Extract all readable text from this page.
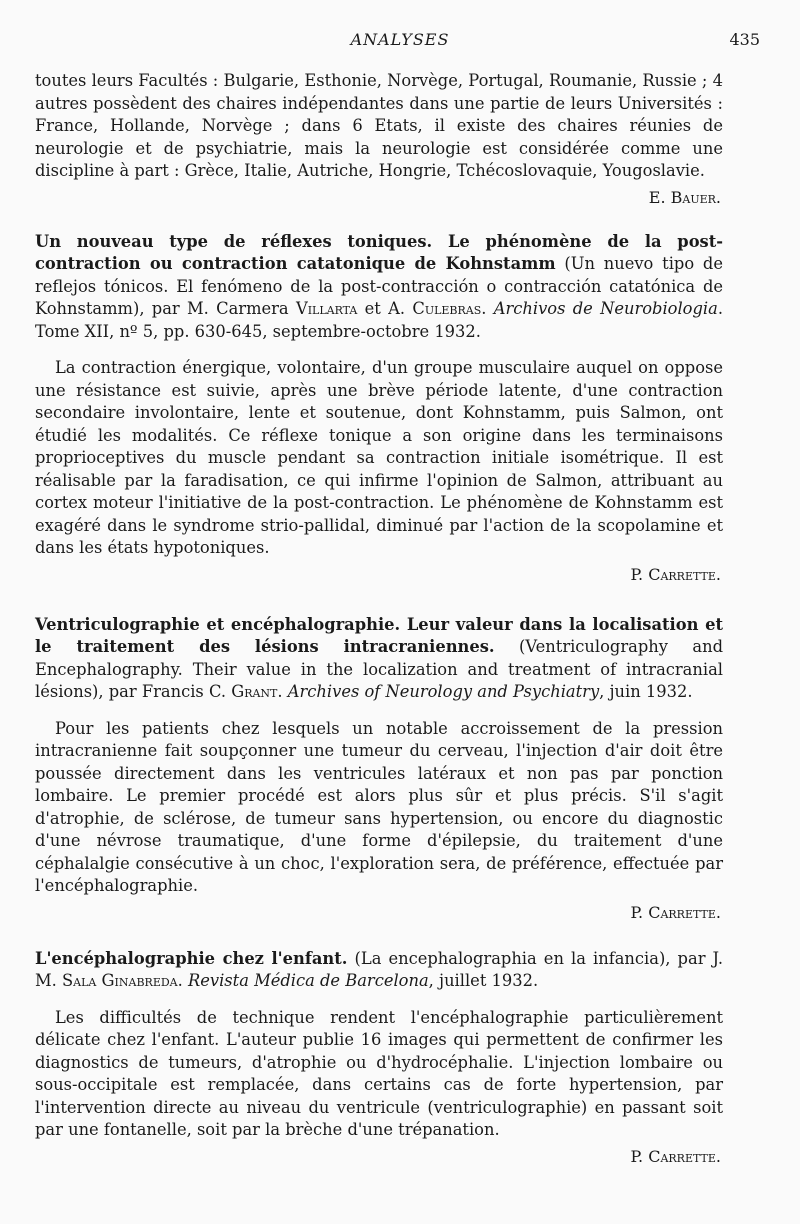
ANALYSES	435

toutes leurs Facultés : Bulgarie, Esthonie, Norvège, Portugal, Roumanie, Russie ; 4 autres possèdent des chaires indépendantes dans une partie de leurs Universités : France, Hollande, Norvège ; dans 6 Etats, il existe des chaires réunies de neurologie et de psychiatrie, mais la neurologie est considérée comme une discipline à part : Grèce, Italie, Autriche, Hongrie, Tchécoslovaquie, Yougoslavie.

E. Bauer.

Un nouveau type de réflexes toniques. Le phénomène de la post-contraction ou contraction catatonique de Kohnstamm (Un nuevo tipo de reflejos tónicos. El fenómeno de la post-contracción o contracción catatónica de Kohnstamm), par M. Carmera Villarta et A. Culebras. Archivos de Neurobiologia. Tome XII, nº 5, pp. 630-645, septembre-octobre 1932.

La contraction énergique, volontaire, d'un groupe musculaire auquel on oppose une résistance est suivie, après une brève période latente, d'une contraction secondaire involontaire, lente et soutenue, dont Kohnstamm, puis Salmon, ont étudié les modalités. Ce réflexe tonique a son origine dans les terminaisons proprioceptives du muscle pendant sa contraction initiale isométrique. Il est réalisable par la faradisation, ce qui infirme l'opinion de Salmon, attribuant au cortex moteur l'initiative de la post-contraction. Le phénomène de Kohnstamm est exagéré dans le syndrome strio-pallidal, diminué par l'action de la scopolamine et dans les états hypotoniques.

P. Carrette.

Ventriculographie et encéphalographie. Leur valeur dans la localisation et le traitement des lésions intracraniennes. (Ventriculography and Encephalography. Their value in the localization and treatment of intracranial lésions), par Francis C. Grant. Archives of Neurology and Psychiatry, juin 1932.

Pour les patients chez lesquels un notable accroissement de la pression intracranienne fait soupçonner une tumeur du cerveau, l'injection d'air doit être poussée directement dans les ventricules latéraux et non pas par ponction lombaire. Le premier procédé est alors plus sûr et plus précis. S'il s'agit d'atrophie, de sclérose, de tumeur sans hypertension, ou encore du diagnostic d'une névrose traumatique, d'une forme d'épilepsie, du traitement d'une céphalalgie consécutive à un choc, l'exploration sera, de préférence, effectuée par l'encéphalographie.

P. Carrette.

L'encéphalographie chez l'enfant. (La encephalographia en la infancia), par J. M. Sala Ginabreda. Revista Médica de Barcelona, juillet 1932.

Les difficultés de technique rendent l'encéphalographie particulièrement délicate chez l'enfant. L'auteur publie 16 images qui permettent de confirmer les diagnostics de tumeurs, d'atrophie ou d'hydrocéphalie. L'injection lombaire ou sous-occipitale est remplacée, dans certains cas de forte hypertension, par l'intervention directe au niveau du ventricule (ventriculographie) en passant soit par une fontanelle, soit par la brèche d'une trépanation.

P. Carrette.
